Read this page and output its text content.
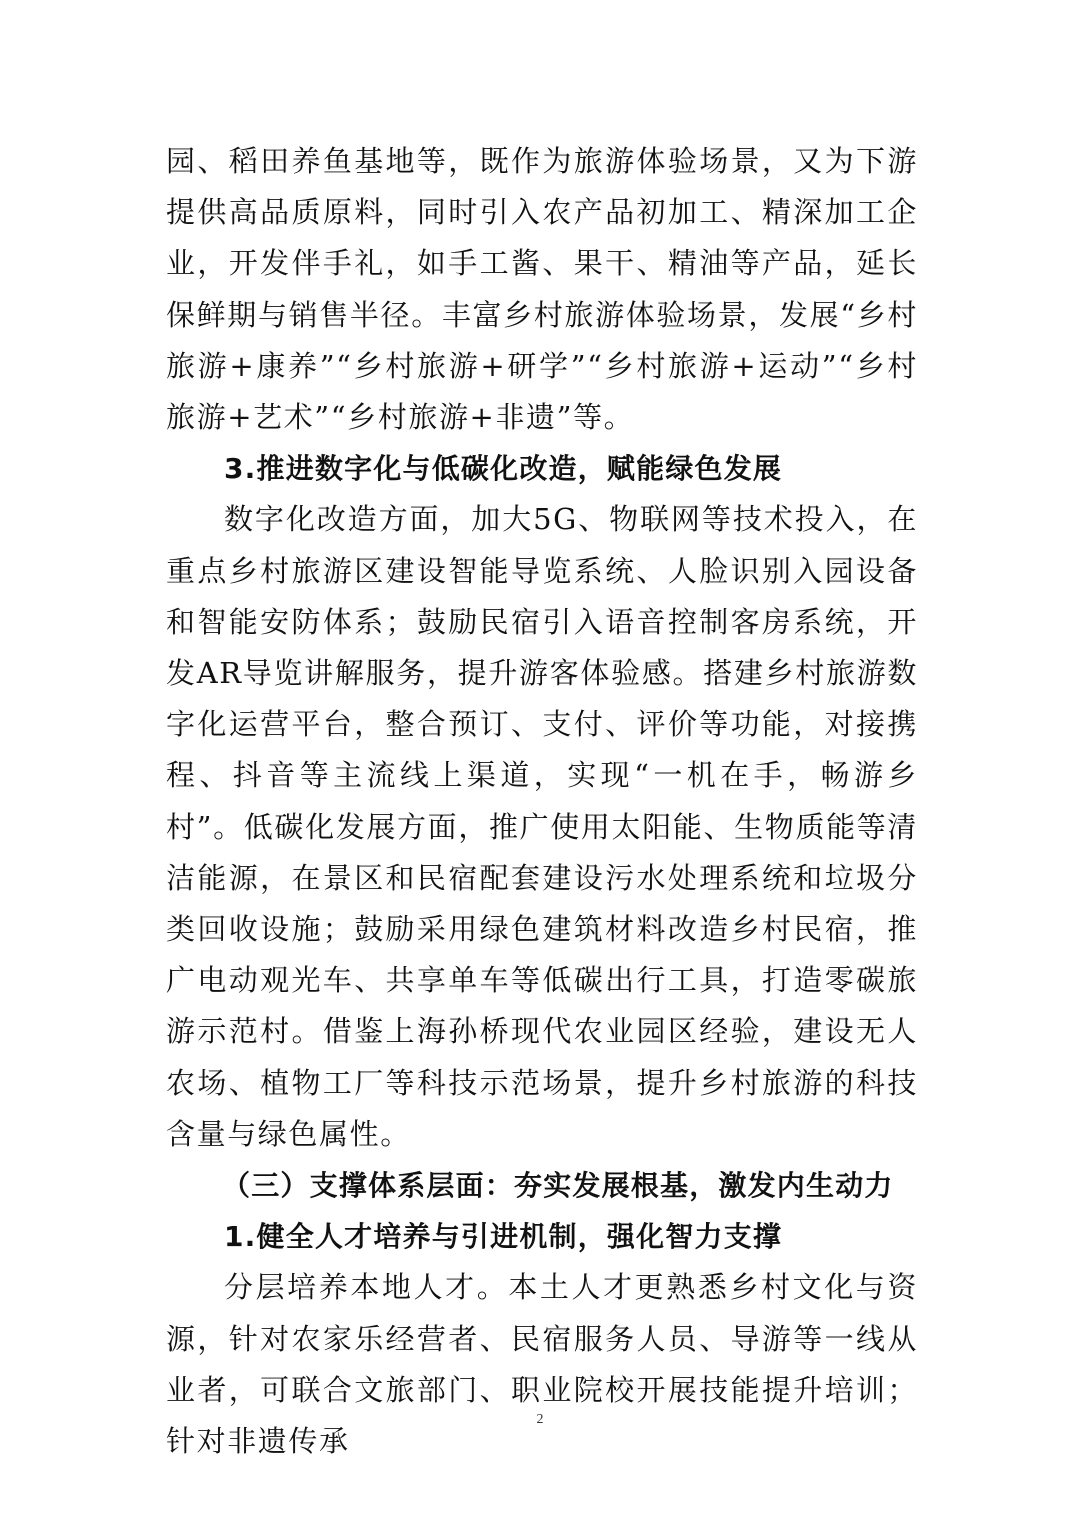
园、稻田养鱼基地等，既作为旅游体验场景，又为下游提供高品质原料，同时引入农产品初加工、精深加工企业，开发伴手礼，如手工酱、果干、精油等产品，延长保鲜期与销售半径。丰富乡村旅游体验场景，发展“乡村旅游+康养”“乡村旅游+研学”“乡村旅游+运动”“乡村旅游+艺术”“乡村旅游+非遗”等。

3.推进数字化与低碳化改造，赋能绿色发展

数字化改造方面，加大5G、物联网等技术投入，在重点乡村旅游区建设智能导览系统、人脸识别入园设备和智能安防体系；鼓励民宿引入语音控制客房系统，开发AR导览讲解服务，提升游客体验感。搭建乡村旅游数字化运营平台，整合预订、支付、评价等功能，对接携程、抖音等主流线上渠道，实现“一机在手，畅游乡村”。低碳化发展方面，推广使用太阳能、生物质能等清洁能源，在景区和民宿配套建设污水处理系统和垃圾分类回收设施；鼓励采用绿色建筑材料改造乡村民宿，推广电动观光车、共享单车等低碳出行工具，打造零碳旅游示范村。借鉴上海孙桥现代农业园区经验，建设无人农场、植物工厂等科技示范场景，提升乡村旅游的科技含量与绿色属性。

（三）支撑体系层面：夯实发展根基，激发内生动力
1.健全人才培养与引进机制，强化智力支撑

分层培养本地人才。本土人才更熟悉乡村文化与资源，针对农家乐经营者、民宿服务人员、导游等一线从业者，可联合文旅部门、职业院校开展技能提升培训；针对非遗传承

2
